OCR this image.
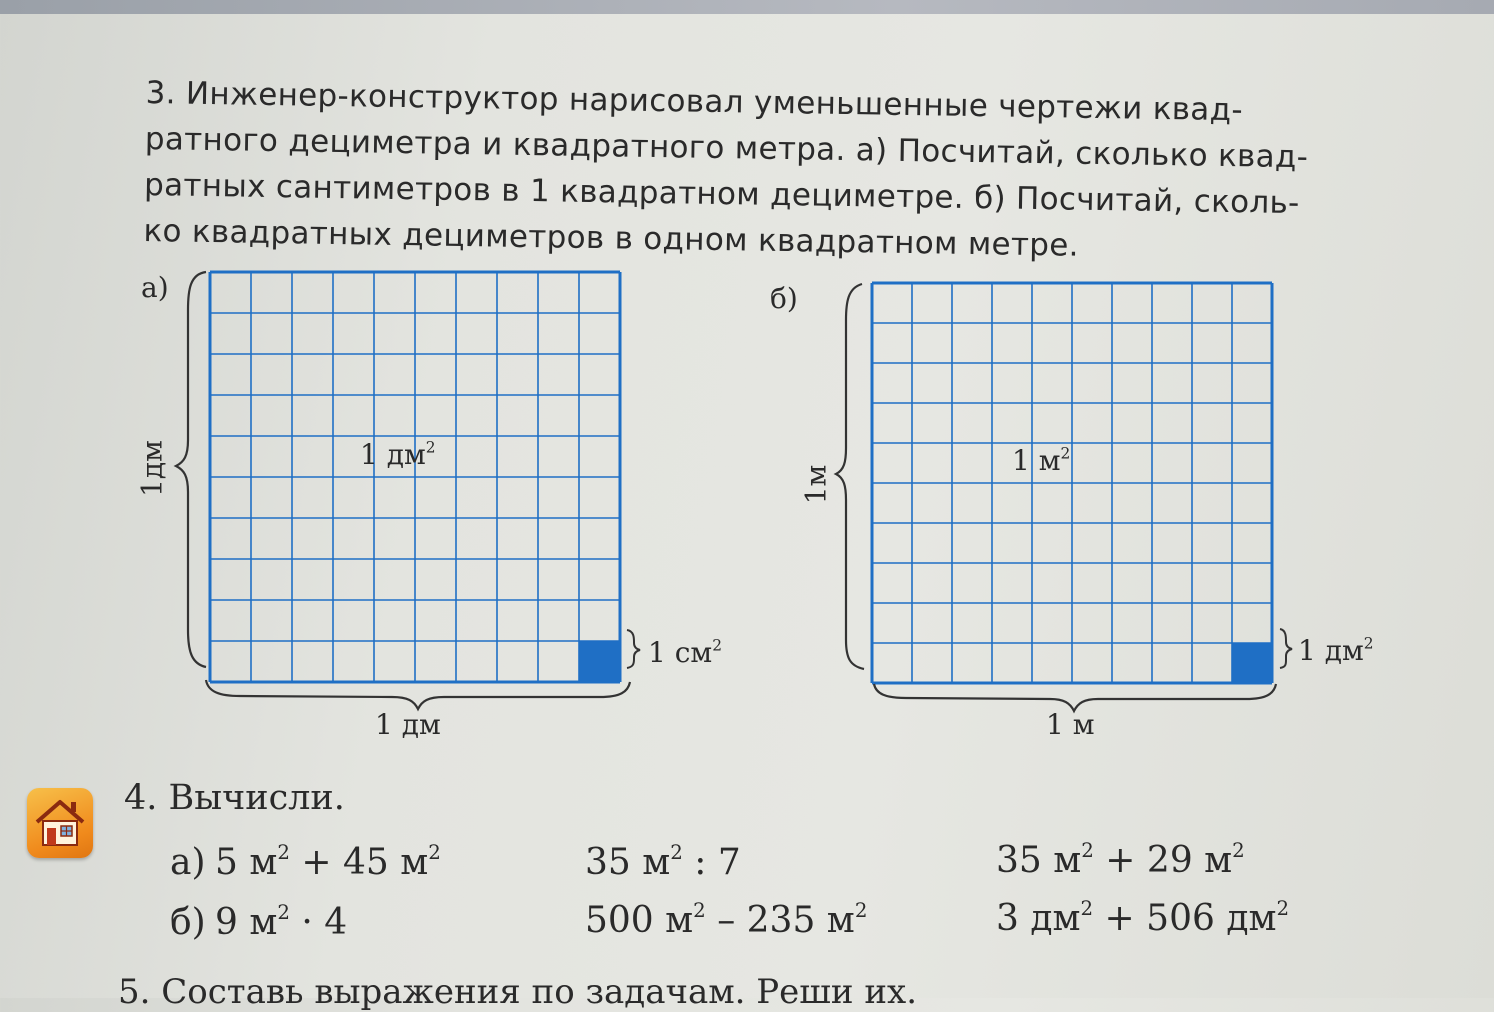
3. Инженер-конструктор нарисовал уменьшенные чертежи квад-
ратного дециметра и квадратного метра. а) Посчитай, сколько квад-
ратных сантиметров в 1 квадратном дециметре. б) Посчитай, сколь-
ко квадратных дециметров в одном квадратном метре.
а)
1 $дм^2$
1дм
1 дм
1 $см^2$
б)
1 $м^2$
1м
1 м
1 $дм^2$
4. Вычисли.
а) 5 $м^2 + 45$ $м^2$	35 $м^2$ : 7	35 $м^2 + 29$ $м^2$
б) 9 $м^2 \cdot 4$	500 $м^2 - 235$ $м^2$	3 $дм^2 + 506$ $дм^2$
5. Составь выражения по задачам. Реши их.
